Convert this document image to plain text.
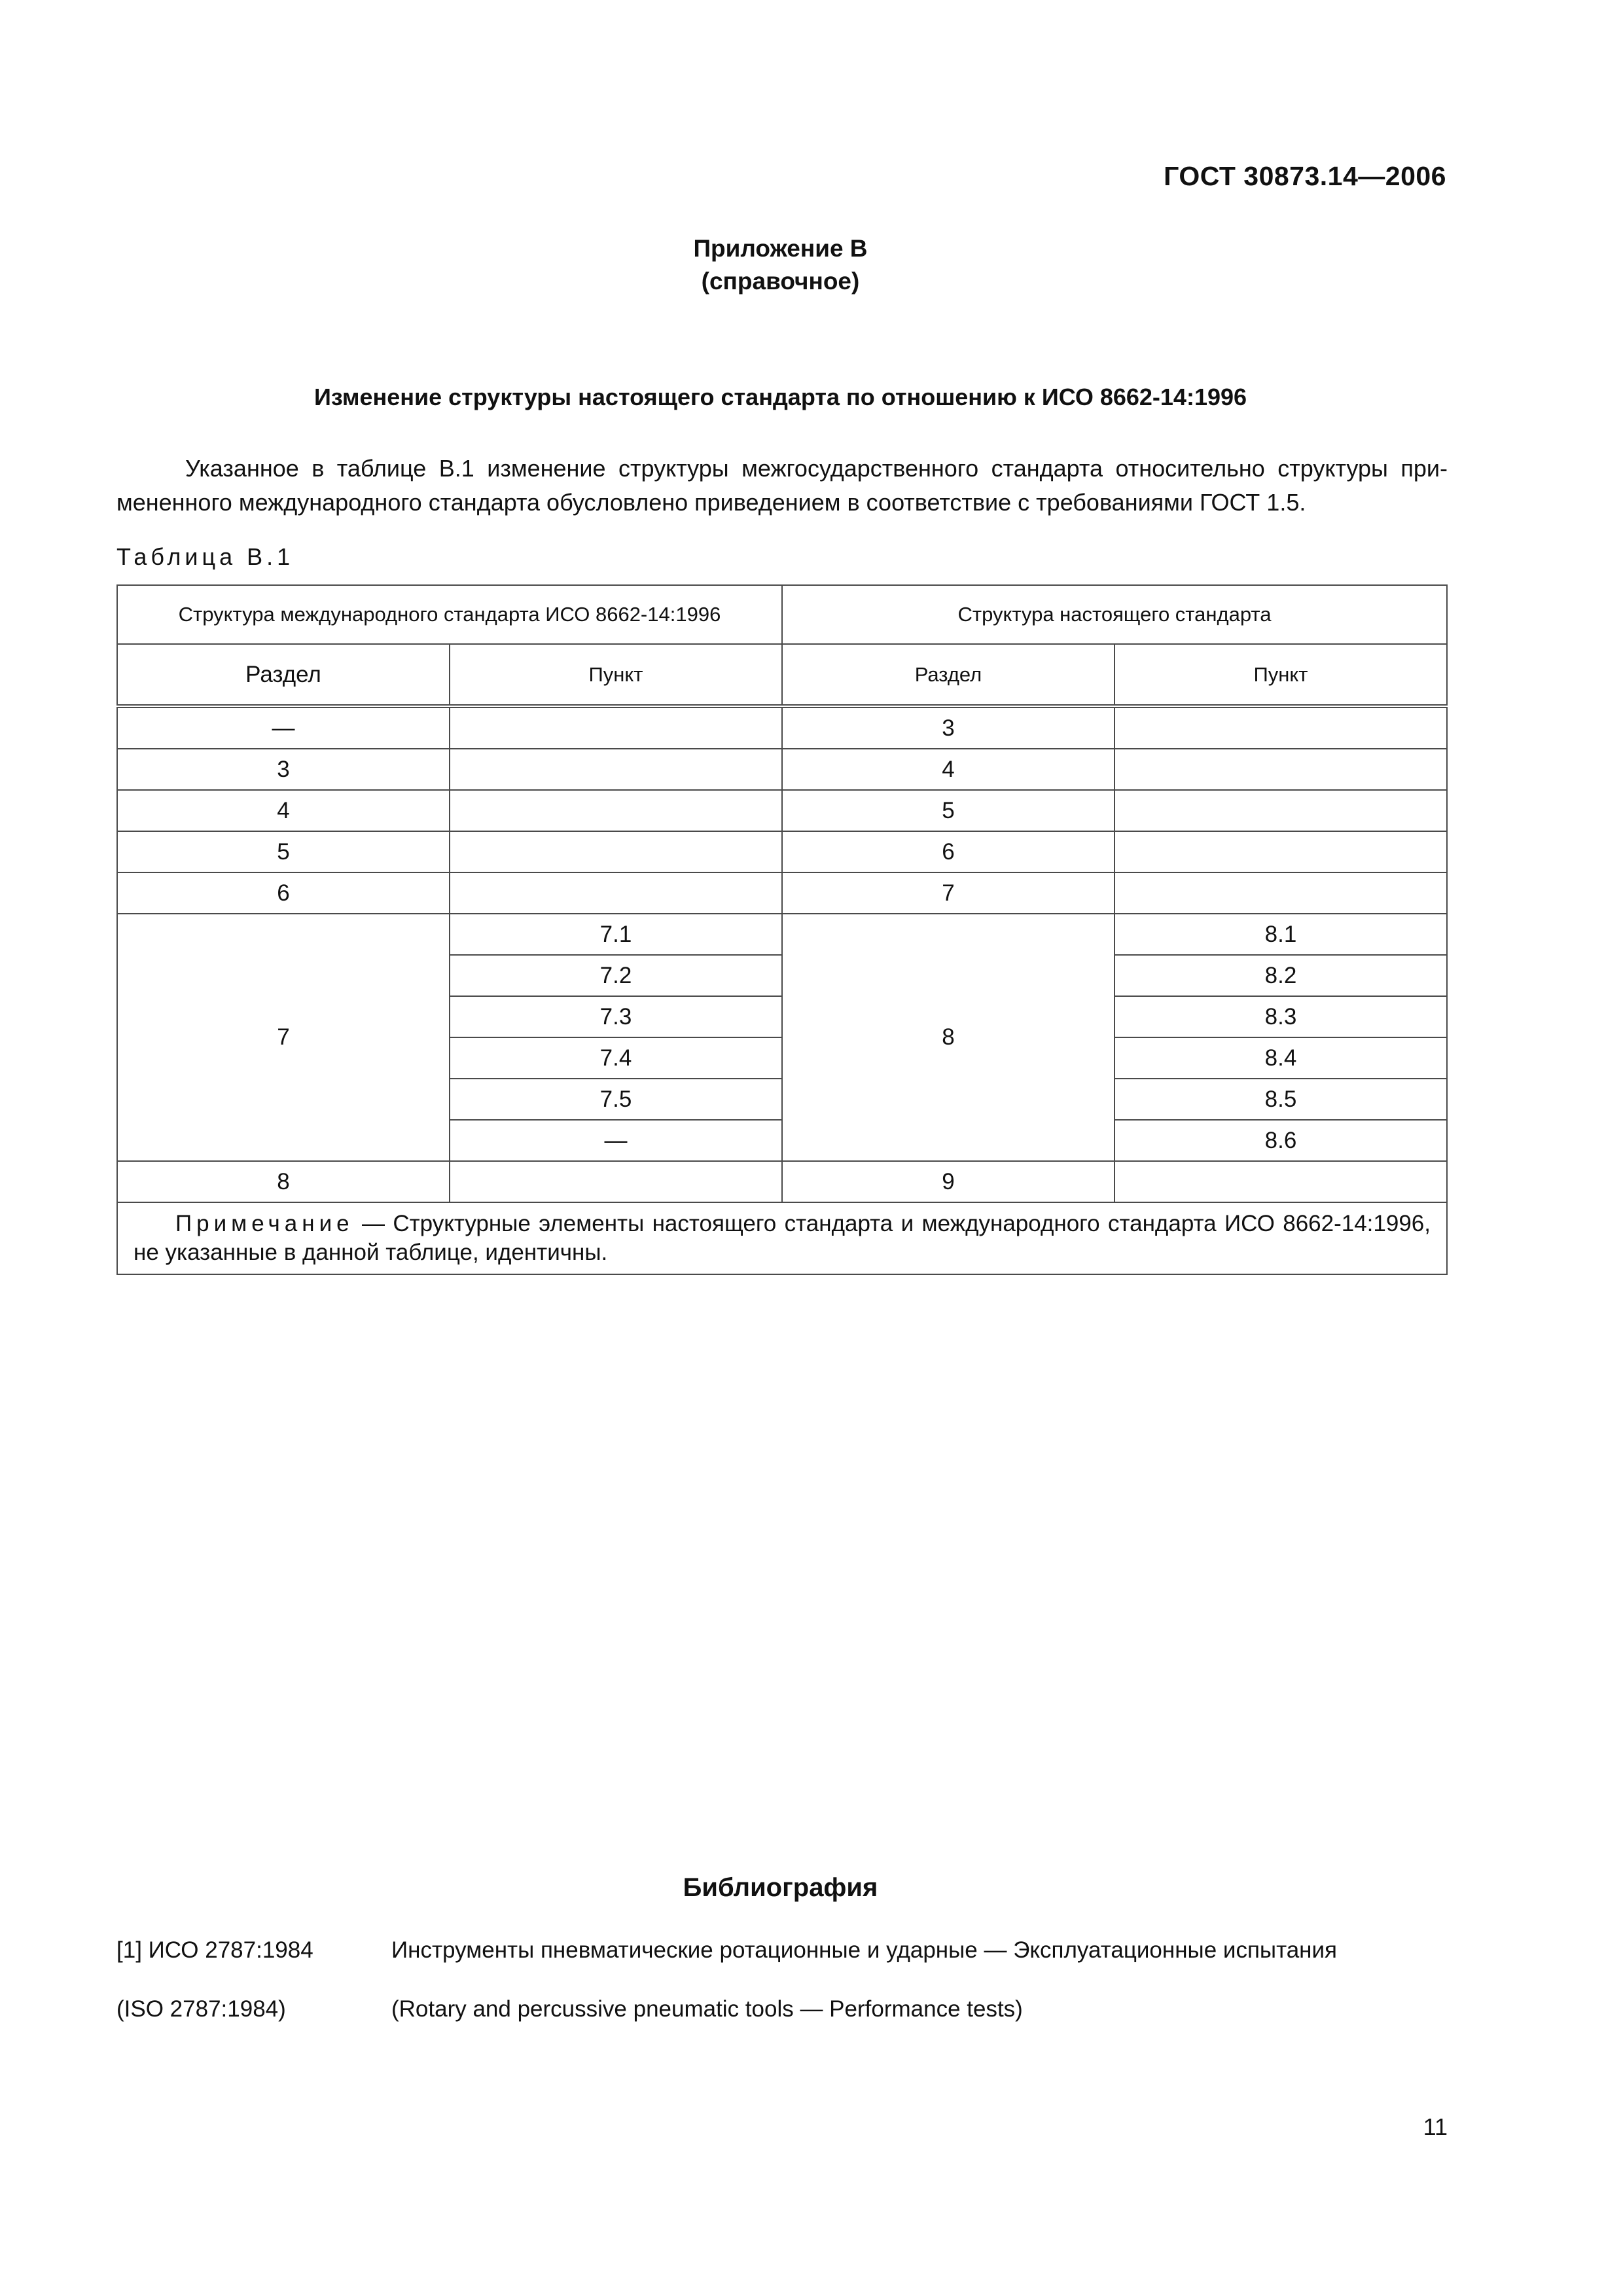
ГОСТ 30873.14—2006
Приложение В
(справочное)
Изменение структуры настоящего стандарта по отношению к ИСО 8662-14:1996
Указанное в таблице В.1 изменение структуры межгосударственного стандарта относительно структуры примененного международного стандарта обусловлено приведением в соответствие с требованиями ГОСТ 1.5.
Таблица В.1
Структура международного стандарта ИСО 8662-14:1996		Структура настоящего стандарта	
Раздел	Пункт	Раздел	Пункт
—		3	
3		4	
4		5	
5		6	
6		7	
7	7.1	8	8.1
	7.2		8.2
	7.3		8.3
	7.4		8.4
	7.5		8.5
	—		8.6
8		9	
Примечание — Структурные элементы настоящего стандарта и международного стандарта ИСО 8662-14:1996, не указанные в данной таблице, идентичны.			
Библиография
[1] ИСО 2787:1984	Инструменты пневматические ротационные и ударные — Эксплуатационные испытания
(ISO 2787:1984)	(Rotary and percussive pneumatic tools — Performance tests)
11
